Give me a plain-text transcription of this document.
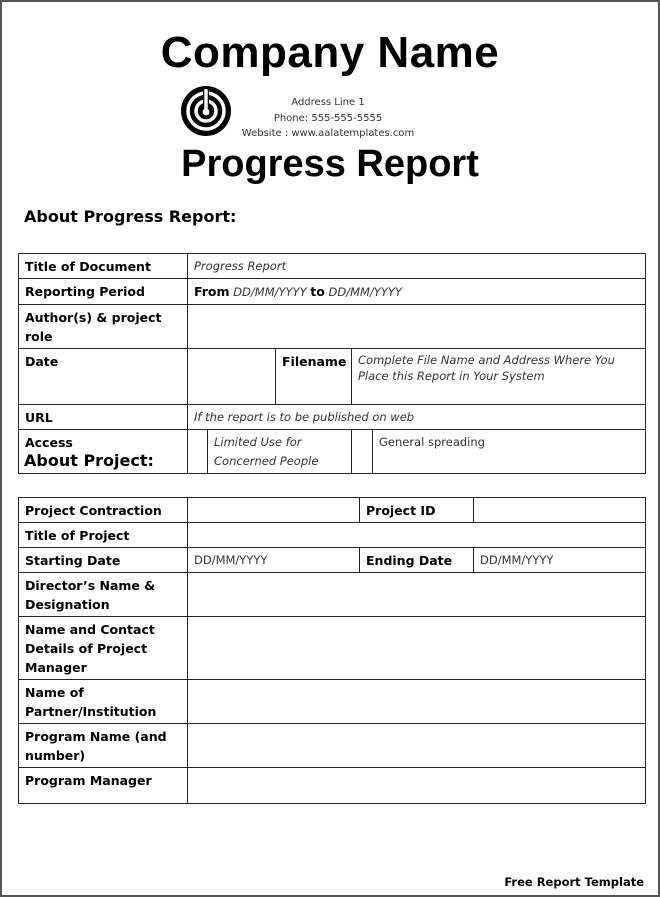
Company Name
Address Line 1
Phone: 555-555-5555
Website : www.aalatemplates.com
Progress Report
About Progress Report:
Title of Document	Progress Report				
Reporting Period	From DD/MM/YYYY to DD/MM/YYYY				
Author(s) & project role					
Date			Filename	Complete File Name and Address Where You Place this Report in Your System	
URL	If the report is to be published on web				
Access		Limited Use for Concerned People			General spreading
About Project:
Project Contraction		Project ID	
Title of Project			
Starting Date	DD/MM/YYYY	Ending Date	DD/MM/YYYY
Director’s Name & Designation			
Name and Contact Details of Project Manager			
Name of Partner/Institution			
Program Name (and number)			
Program Manager			
Free Report Template
